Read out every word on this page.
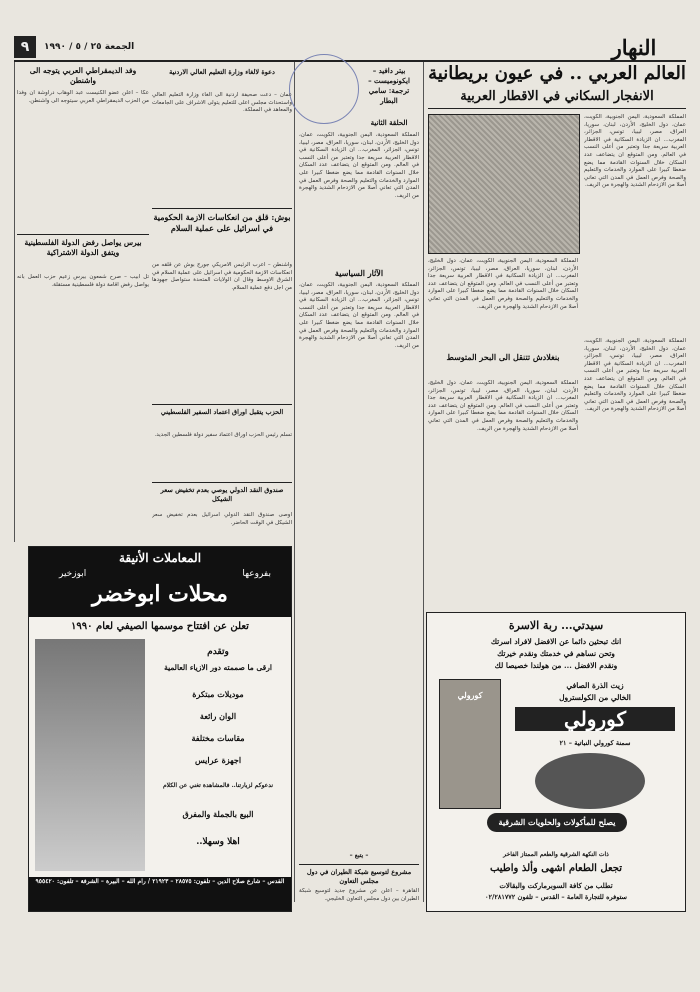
النهار
الجمعة ٢٥ / ٥ / ١٩٩٠
٩
العالم العربي .. في عيون بريطانية
الانفجار السكاني في الاقطار العربية
المملكة السعودية، اليمن الجنوبية، الكويت، عمان، دول الخليج، الأردن، لبنان، سوريا، العراق، مصر، ليبيا، تونس، الجزائر، المغرب... ان الزيادة السكانية في الاقطار العربية سريعة جدا وتعتبر من أعلى النسب في العالم. ومن المتوقع ان يتضاعف عدد السكان خلال السنوات القادمة مما يضع ضغطا كبيرا على الموارد والخدمات والتعليم والصحة وفرص العمل في المدن التي تعاني أصلا من الازدحام الشديد والهجرة من الريف.
المملكة السعودية، اليمن الجنوبية، الكويت، عمان، دول الخليج، الأردن، لبنان، سوريا، العراق، مصر، ليبيا، تونس، الجزائر، المغرب... ان الزيادة السكانية في الاقطار العربية سريعة جدا وتعتبر من أعلى النسب في العالم. ومن المتوقع ان يتضاعف عدد السكان خلال السنوات القادمة مما يضع ضغطا كبيرا على الموارد والخدمات والتعليم والصحة وفرص العمل في المدن التي تعاني أصلا من الازدحام الشديد والهجرة من الريف.
بنغلادش تتنقل الى البحر المتوسط
المملكة السعودية، اليمن الجنوبية، الكويت، عمان، دول الخليج، الأردن، لبنان، سوريا، العراق، مصر، ليبيا، تونس، الجزائر، المغرب... ان الزيادة السكانية في الاقطار العربية سريعة جدا وتعتبر من أعلى النسب في العالم. ومن المتوقع ان يتضاعف عدد السكان خلال السنوات القادمة مما يضع ضغطا كبيرا على الموارد والخدمات والتعليم والصحة وفرص العمل في المدن التي تعاني أصلا من الازدحام الشديد والهجرة من الريف.
المملكة السعودية، اليمن الجنوبية، الكويت، عمان، دول الخليج، الأردن، لبنان، سوريا، العراق، مصر، ليبيا، تونس، الجزائر، المغرب... ان الزيادة السكانية في الاقطار العربية سريعة جدا وتعتبر من أعلى النسب في العالم. ومن المتوقع ان يتضاعف عدد السكان خلال السنوات القادمة مما يضع ضغطا كبيرا على الموارد والخدمات والتعليم والصحة وفرص العمل في المدن التي تعاني أصلا من الازدحام الشديد والهجرة من الريف.
بيتر دافيد – ايكونوميست – ترجمة: سامي البطار
الحلقة الثانية
المملكة السعودية، اليمن الجنوبية، الكويت، عمان، دول الخليج، الأردن، لبنان، سوريا، العراق، مصر، ليبيا، تونس، الجزائر، المغرب... ان الزيادة السكانية في الاقطار العربية سريعة جدا وتعتبر من أعلى النسب في العالم. ومن المتوقع ان يتضاعف عدد السكان خلال السنوات القادمة مما يضع ضغطا كبيرا على الموارد والخدمات والتعليم والصحة وفرص العمل في المدن التي تعاني أصلا من الازدحام الشديد والهجرة من الريف.
الآثار السياسية
المملكة السعودية، اليمن الجنوبية، الكويت، عمان، دول الخليج، الأردن، لبنان، سوريا، العراق، مصر، ليبيا، تونس، الجزائر، المغرب... ان الزيادة السكانية في الاقطار العربية سريعة جدا وتعتبر من أعلى النسب في العالم. ومن المتوقع ان يتضاعف عدد السكان خلال السنوات القادمة مما يضع ضغطا كبيرا على الموارد والخدمات والتعليم والصحة وفرص العمل في المدن التي تعاني أصلا من الازدحام الشديد والهجرة من الريف.
– يتبع –
مشروع لتوسيع شبكة الطيران في دول مجلس التعاون
القاهرة – اعلن عن مشروع جديد لتوسيع شبكة الطيران بين دول مجلس التعاون الخليجي.
دعوة لالغاء وزارة التعليم العالي الاردنية
عمان – دعت صحيفة اردنية الى الغاء وزارة التعليم العالي واستحداث مجلس اعلى للتعليم يتولى الاشراف على الجامعات والمعاهد في المملكة.
بوش: قلق من انعكاسات الازمة الحكومية في اسرائيل على عملية السلام
واشنطن – اعرب الرئيس الامريكي جورج بوش عن قلقه من انعكاسات الازمة الحكومية في اسرائيل على عملية السلام في الشرق الاوسط وقال ان الولايات المتحدة ستواصل جهودها من اجل دفع عملية السلام.
الحزب يتقبل اوراق اعتماد السفير الفلسطيني
تسلم رئيس الحزب اوراق اعتماد سفير دولة فلسطين الجديد.
صندوق النقد الدولي يوصي بعدم تخفيض سعر الشيكل
اوصى صندوق النقد الدولي اسرائيل بعدم تخفيض سعر الشيكل في الوقت الحاضر.
وفد الديمقراطي العربي يتوجه الى واشنطن
عكا – اعلن عضو الكنيست عبد الوهاب دراوشة ان وفدا من الحزب الديمقراطي العربي سيتوجه الى واشنطن.
بيرس يواصل رفض الدولة الفلسطينية ويتفق الدولة الاشتراكية
تل ابيب – صرح شمعون بيرس زعيم حزب العمل بانه يواصل رفض اقامة دولة فلسطينية مستقلة.
المعاملات الأنيقة
بفروعها
ابوزخير
محلات ابوخضر
تعلن عن افتتاح موسمها الصيفي لعام ١٩٩٠
وتقدم
ارقى ما صممته دور الازياء العالمية
موديلات مبتكرة
الوان رائعة
مقاسات مختلفة
اجهزة عرايس
ندعوكم لزيارتنا.. فالمشاهدة تغني عن الكلام
البيع بالجملة والمفرق
اهلا وسهلا..
القدس – شارع صلاح الدين – تلفون: ٢٨٥٧٥ – ٢١٩٢٣ / رام الله – البيرة – الشرفة – تلفون: ٩٥٥٤٢٠
سيدتي... ربة الاسرة
انك تبحثين دائما عن الافضل لافراد اسرتك
وتحن نساهم في خدمتك ونقدم خيرتك
ونقدم الافضل ... من هولندا خصيصا لك
كورولي
زيت الذرة الصافي
الخالي من الكولسترول
كورولي
سمنة كورولي النباتية – ٢١
يصلح للمأكولات والحلويات الشرقية
ذات النكهة الشرقية والطعم الممتاز الفاخر
تجعل الطعام اشهى وألذ واطيب
تطلب من كافة السوبرماركت والبقالات
ستوفره للتجارة العامة – القدس – تلفون ٠٢/٢٨١٧٧٢
